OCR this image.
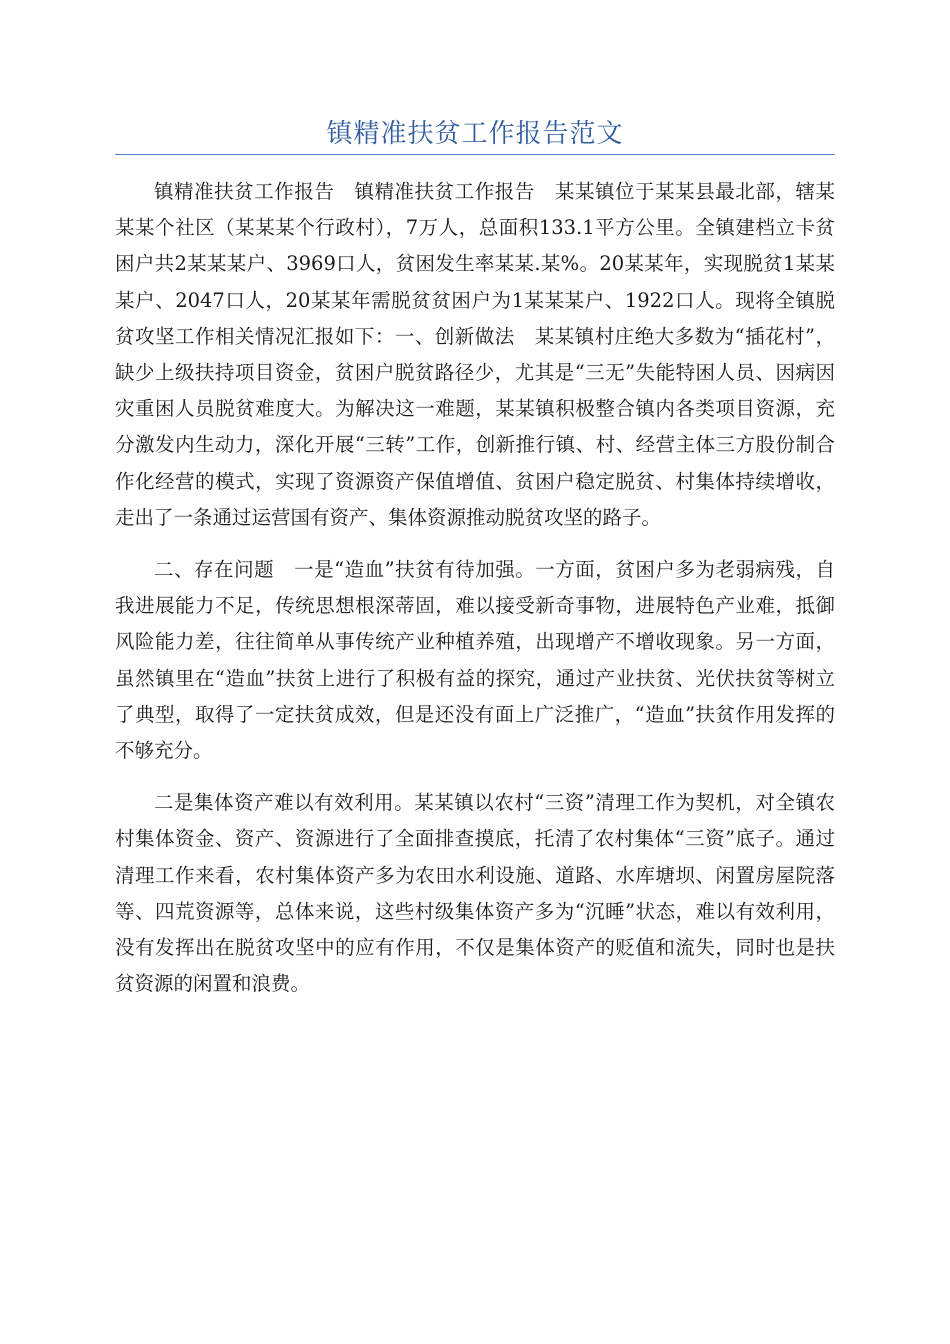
镇精准扶贫工作报告范文

镇精准扶贫工作报告　镇精准扶贫工作报告　某某镇位于某某县最北部，辖某某某个社区（某某某个行政村），7万人，总面积133.1平方公里。全镇建档立卡贫困户共2某某某户、3969口人，贫困发生率某某.某%。20某某年，实现脱贫1某某某户、2047口人，20某某年需脱贫贫困户为1某某某户、1922口人。现将全镇脱贫攻坚工作相关情况汇报如下：一、创新做法　某某镇村庄绝大多数为“插花村”，缺少上级扶持项目资金，贫困户脱贫路径少，尤其是“三无”失能特困人员、因病因灾重困人员脱贫难度大。为解决这一难题，某某镇积极整合镇内各类项目资源，充分激发内生动力，深化开展“三转”工作，创新推行镇、村、经营主体三方股份制合作化经营的模式，实现了资源资产保值增值、贫困户稳定脱贫、村集体持续增收，走出了一条通过运营国有资产、集体资源推动脱贫攻坚的路子。

二、存在问题　一是“造血”扶贫有待加强。一方面，贫困户多为老弱病残，自我进展能力不足，传统思想根深蒂固，难以接受新奇事物，进展特色产业难，抵御风险能力差，往往简单从事传统产业种植养殖，出现增产不增收现象。另一方面，虽然镇里在“造血”扶贫上进行了积极有益的探究，通过产业扶贫、光伏扶贫等树立了典型，取得了一定扶贫成效，但是还没有面上广泛推广，“造血”扶贫作用发挥的不够充分。

二是集体资产难以有效利用。某某镇以农村“三资”清理工作为契机，对全镇农村集体资金、资产、资源进行了全面排查摸底，托清了农村集体“三资”底子。通过清理工作来看，农村集体资产多为农田水利设施、道路、水库塘坝、闲置房屋院落等、四荒资源等，总体来说，这些村级集体资产多为“沉睡”状态，难以有效利用，没有发挥出在脱贫攻坚中的应有作用，不仅是集体资产的贬值和流失，同时也是扶贫资源的闲置和浪费。
